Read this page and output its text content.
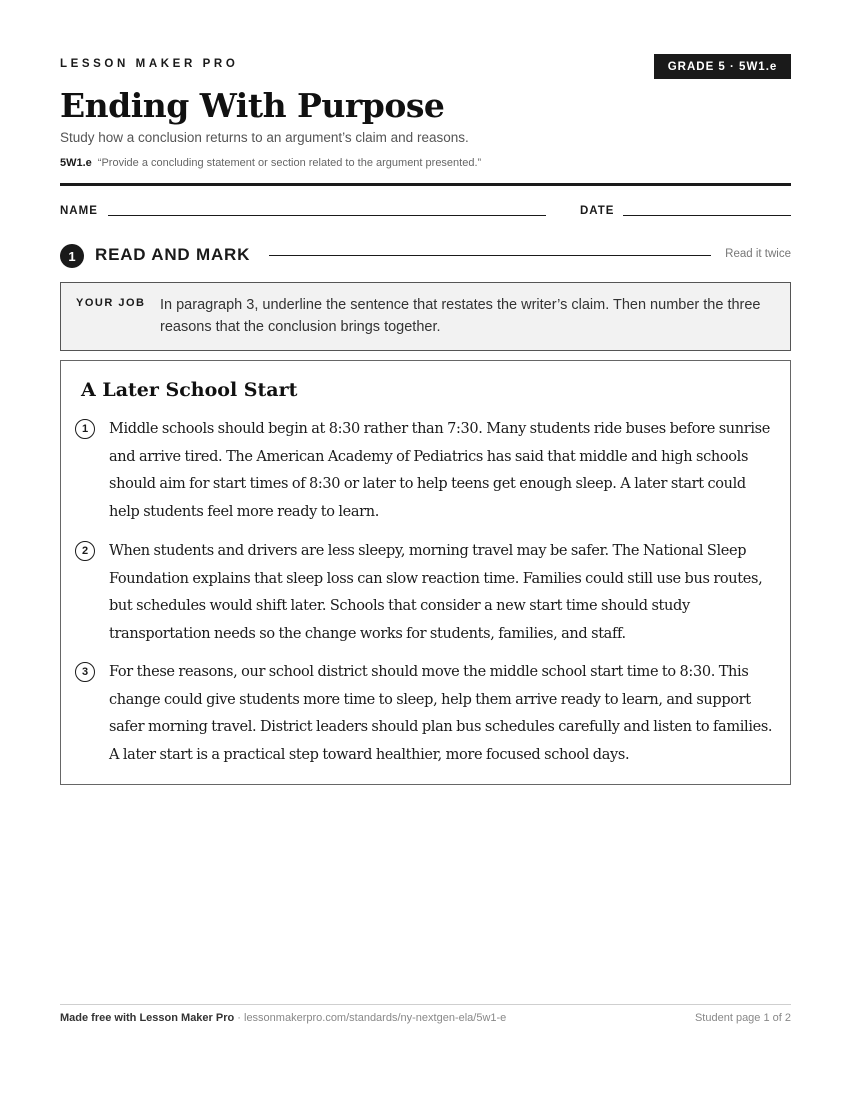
LESSON MAKER PRO	GRADE 5 · 5W1.e
Ending With Purpose
Study how a conclusion returns to an argument’s claim and reasons.
5W1.e “Provide a concluding statement or section related to the argument presented.”
NAME	DATE
1	READ AND MARK	Read it twice
YOUR JOB In paragraph 3, underline the sentence that restates the writer’s claim. Then number the three reasons that the conclusion brings together.
A Later School Start
1	Middle schools should begin at 8:30 rather than 7:30. Many students ride buses before sunrise and arrive tired. The American Academy of Pediatrics has said that middle and high schools should aim for start times of 8:30 or later to help teens get enough sleep. A later start could help students feel more ready to learn.
2	When students and drivers are less sleepy, morning travel may be safer. The National Sleep Foundation explains that sleep loss can slow reaction time. Families could still use bus routes, but schedules would shift later. Schools that consider a new start time should study transportation needs so the change works for students, families, and staff.
3	For these reasons, our school district should move the middle school start time to 8:30. This change could give students more time to sleep, help them arrive ready to learn, and support safer morning travel. District leaders should plan bus schedules carefully and listen to families. A later start is a practical step toward healthier, more focused school days.
Made free with Lesson Maker Pro · lessonmakerpro.com/standards/ny-nextgen-ela/5w1-e	Student page 1 of 2
